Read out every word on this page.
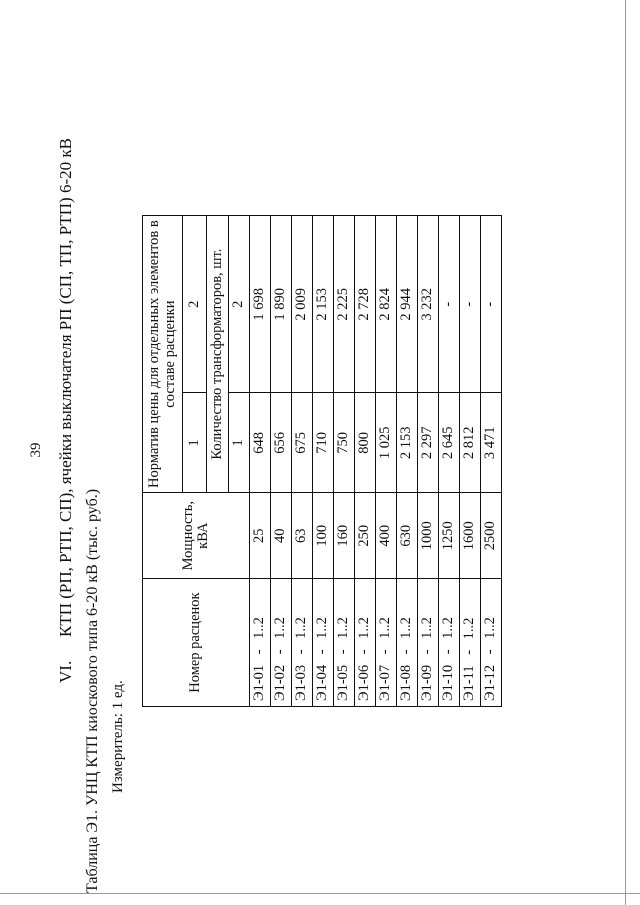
39
VI.КТП (РП, РТП, СП), ячейки выключателя РП (СП, ТП, РТП) 6-20 кВ
Таблица Э1. УНЦ КТП киоскового типа 6-20 кВ (тыс. руб.) Измеритель: 1 ед.
Номер расценок	Мощность, кВА	Норматив цены для отдельных элементов в составе расценки	
		1	2
		Количество трансформаторов, шт.	
		1	2
Э1-01-1..2	25	648	1 698
Э1-02-1..2	40	656	1 890
Э1-03-1..2	63	675	2 009
Э1-04-1..2	100	710	2 153
Э1-05-1..2	160	750	2 225
Э1-06-1..2	250	800	2 728
Э1-07-1..2	400	1 025	2 824
Э1-08-1..2	630	2 153	2 944
Э1-09-1..2	1000	2 297	3 232
Э1-10-1..2	1250	2 645	-
Э1-11-1..2	1600	2 812	-
Э1-12-1..2	2500	3 471	-
